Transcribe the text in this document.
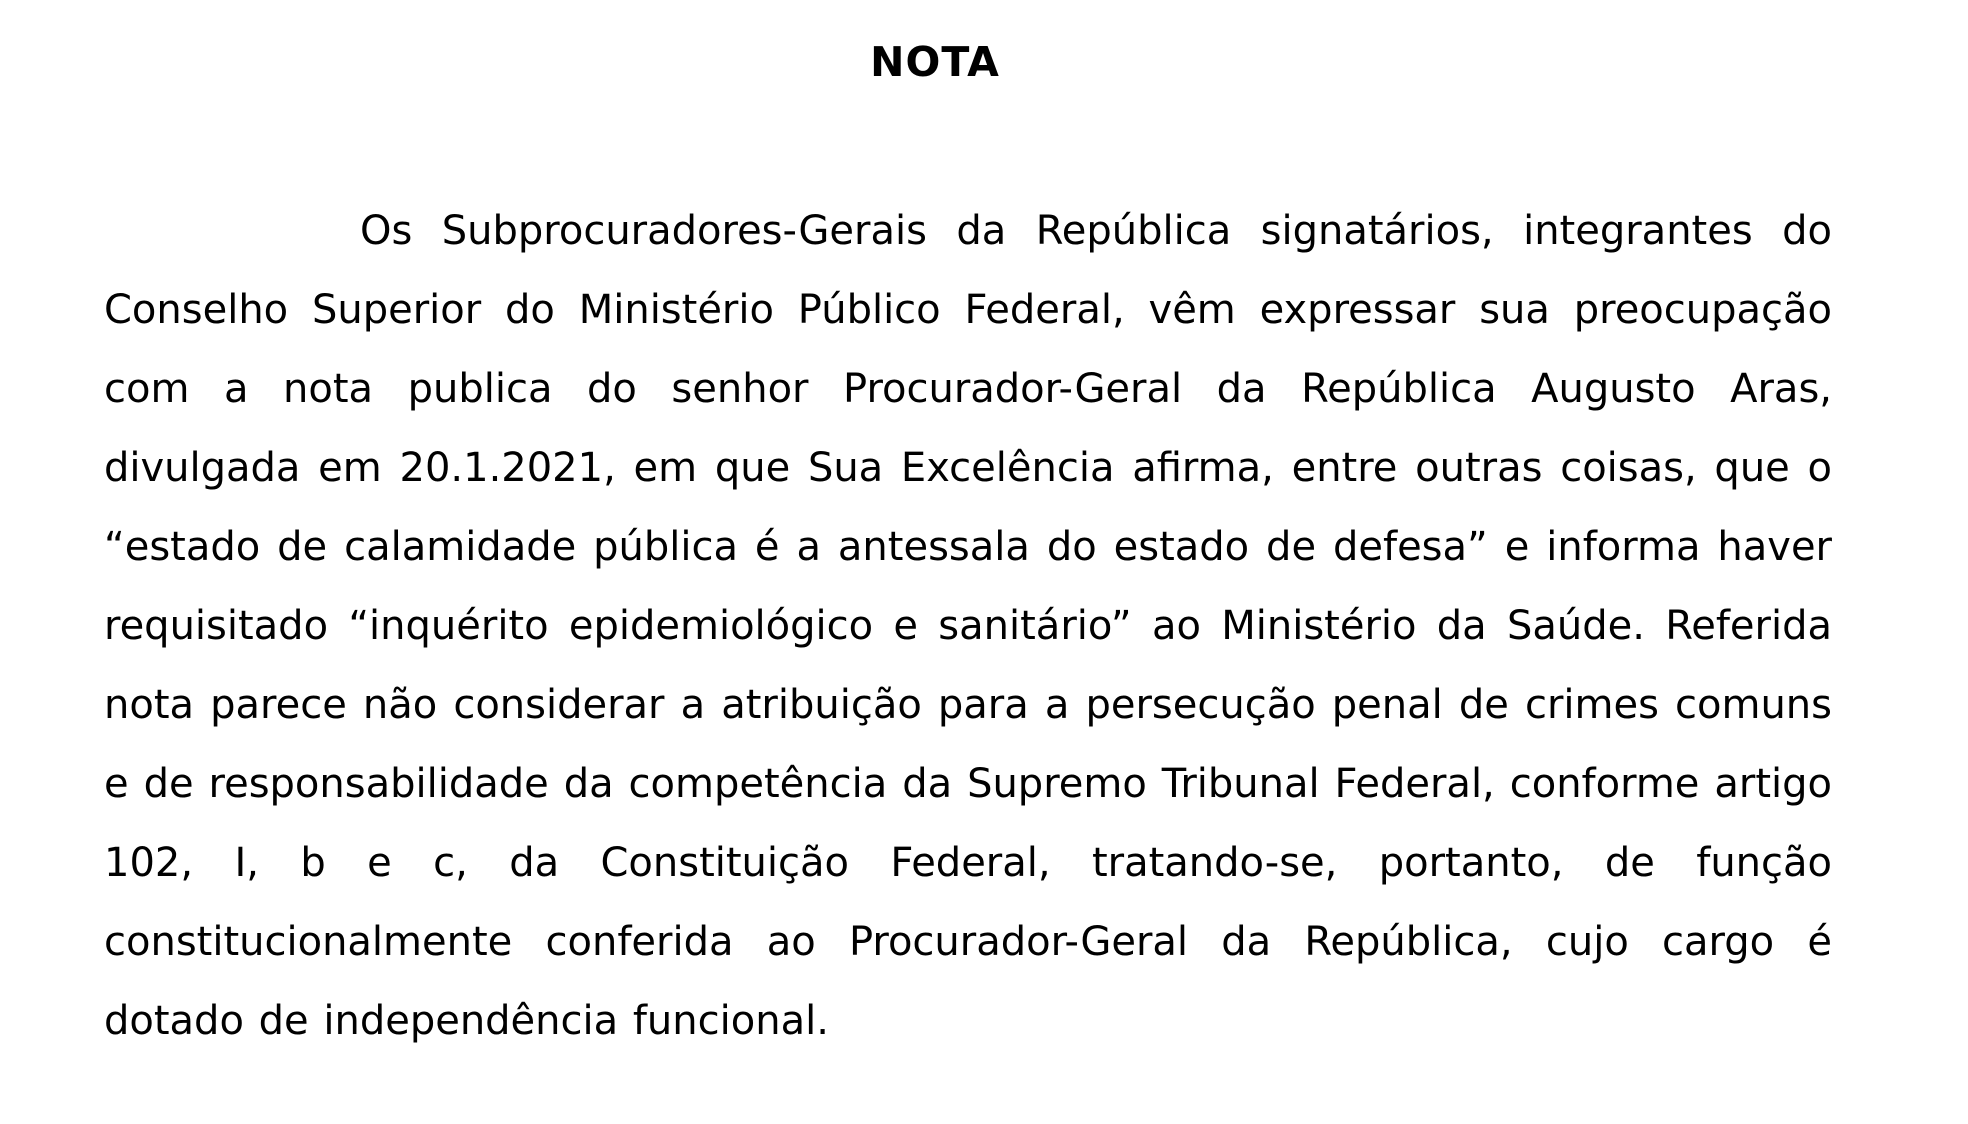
NOTA

Os Subprocuradores-Gerais da República signatários, integrantes do Conselho Superior do Ministério Público Federal, vêm expressar sua preocupação com a nota publica do senhor Procurador-Geral da República Augusto Aras, divulgada em 20.1.2021, em que Sua Excelência afirma, entre outras coisas, que o “estado de calamidade pública é a antessala do estado de defesa” e informa haver requisitado “inquérito epidemiológico e sanitário” ao Ministério da Saúde. Referida nota parece não considerar a atribuição para a persecução penal de crimes comuns e de responsabilidade da competência da Supremo Tribunal Federal, conforme artigo 102, I, b e c, da Constituição Federal, tratando-se, portanto, de função constitucionalmente conferida ao Procurador-Geral da República, cujo cargo é dotado de independência funcional.
